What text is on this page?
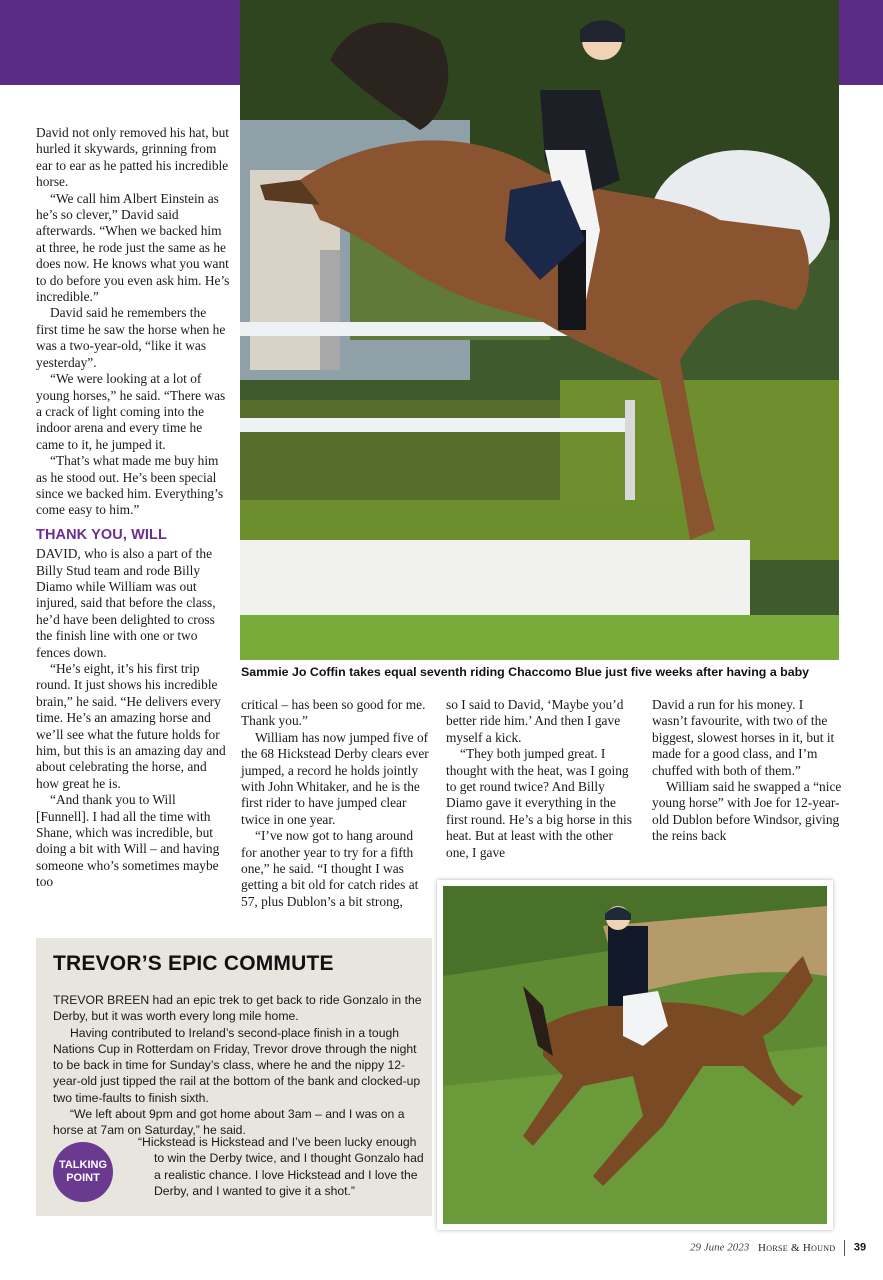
Sammie Jo Coffin takes equal seventh riding Chaccomo Blue just five weeks after having a baby

David not only removed his hat, but hurled it skywards, grinning from ear to ear as he patted his incredible horse.

“We call him Albert Einstein as he’s so clever,” David said afterwards. “When we backed him at three, he rode just the same as he does now. He knows what you want to do before you even ask him. He’s incredible.”

David said he remembers the first time he saw the horse when he was a two-year-old, “like it was yesterday”.

“We were looking at a lot of young horses,” he said. “There was a crack of light coming into the indoor arena and every time he came to it, he jumped it.

“That’s what made me buy him as he stood out. He’s been special since we backed him. Everything’s come easy to him.”

THANK YOU, WILL

DAVID, who is also a part of the Billy Stud team and rode Billy Diamo while William was out injured, said that before the class, he’d have been delighted to cross the finish line with one or two fences down.

“He’s eight, it’s his first trip round. It just shows his incredible brain,” he said. “He delivers every time. He’s an amazing horse and we’ll see what the future holds for him, but this is an amazing day and about celebrating the horse, and how great he is.

“And thank you to Will [Funnell]. I had all the time with Shane, which was incredible, but doing a bit with Will – and having someone who’s sometimes maybe too

critical – has been so good for me. Thank you.”

William has now jumped five of the 68 Hickstead Derby clears ever jumped, a record he holds jointly with John Whitaker, and he is the first rider to have jumped clear twice in one year.

“I’ve now got to hang around for another year to try for a fifth one,” he said. “I thought I was getting a bit old for catch rides at 57, plus Dublon’s a bit strong,

so I said to David, ‘Maybe you’d better ride him.’ And then I gave myself a kick.

“They both jumped great. I thought with the heat, was I going to get round twice? And Billy Diamo gave it everything in the first round. He’s a big horse in this heat. But at least with the other one, I gave

David a run for his money. I wasn’t favourite, with two of the biggest, slowest horses in it, but it made for a good class, and I’m chuffed with both of them.”

William said he swapped a “nice young horse” with Joe for 12-year-old Dublon before Windsor, giving the reins back

TREVOR’S EPIC COMMUTE

TREVOR BREEN had an epic trek to get back to ride Gonzalo in the Derby, but it was worth every long mile home.

Having contributed to Ireland’s second-place finish in a tough Nations Cup in Rotterdam on Friday, Trevor drove through the night to be back in time for Sunday’s class, where he and the nippy 12-year-old just tipped the rail at the bottom of the bank and clocked-up two time-faults to finish sixth.

“We left about 9pm and got home about 3am – and I was on a horse at 7am on Saturday,” he said.

TALKING
POINT

“Hickstead is Hickstead and I’ve been lucky enough to win the Derby twice, and I thought Gonzalo had a realistic chance. I love Hickstead and I love the Derby, and I wanted to give it a shot.”

29 June 2023 Horse & Hound 39
